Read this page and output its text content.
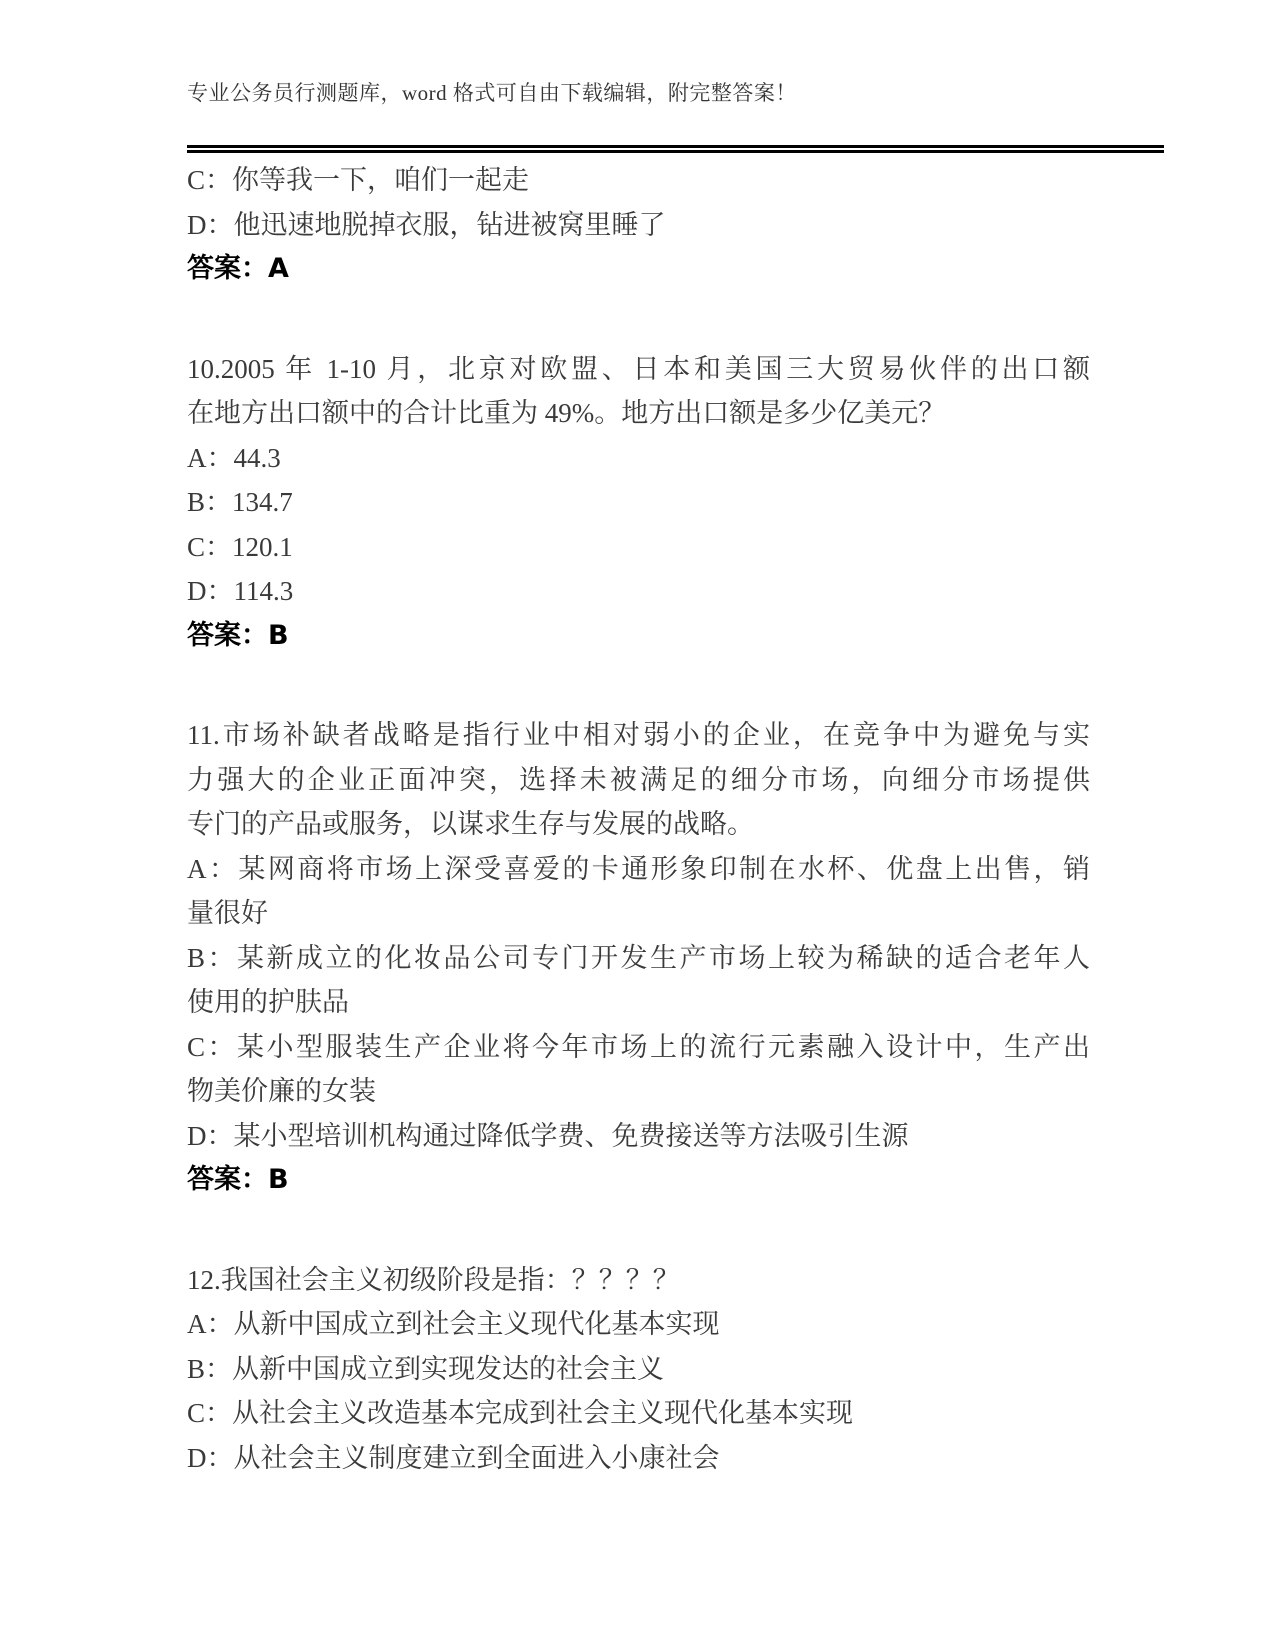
专业公务员行测题库，word 格式可自由下载编辑，附完整答案！
C：你等我一下，咱们一起走
D：他迅速地脱掉衣服，钻进被窝里睡了
答案：A
10.2005 年 1-10 月，北京对欧盟、日本和美国三大贸易伙伴的出口额
在地方出口额中的合计比重为 49%。地方出口额是多少亿美元？
A：44.3
B：134.7
C：120.1
D：114.3
答案：B
11.市场补缺者战略是指行业中相对弱小的企业，在竞争中为避免与实
力强大的企业正面冲突，选择未被满足的细分市场，向细分市场提供
专门的产品或服务，以谋求生存与发展的战略。
A：某网商将市场上深受喜爱的卡通形象印制在水杯、优盘上出售，销
量很好
B：某新成立的化妆品公司专门开发生产市场上较为稀缺的适合老年人
使用的护肤品
C：某小型服装生产企业将今年市场上的流行元素融入设计中，生产出
物美价廉的女装
D：某小型培训机构通过降低学费、免费接送等方法吸引生源
答案：B
12.我国社会主义初级阶段是指：？？？？
A：从新中国成立到社会主义现代化基本实现
B：从新中国成立到实现发达的社会主义
C：从社会主义改造基本完成到社会主义现代化基本实现
D：从社会主义制度建立到全面进入小康社会
